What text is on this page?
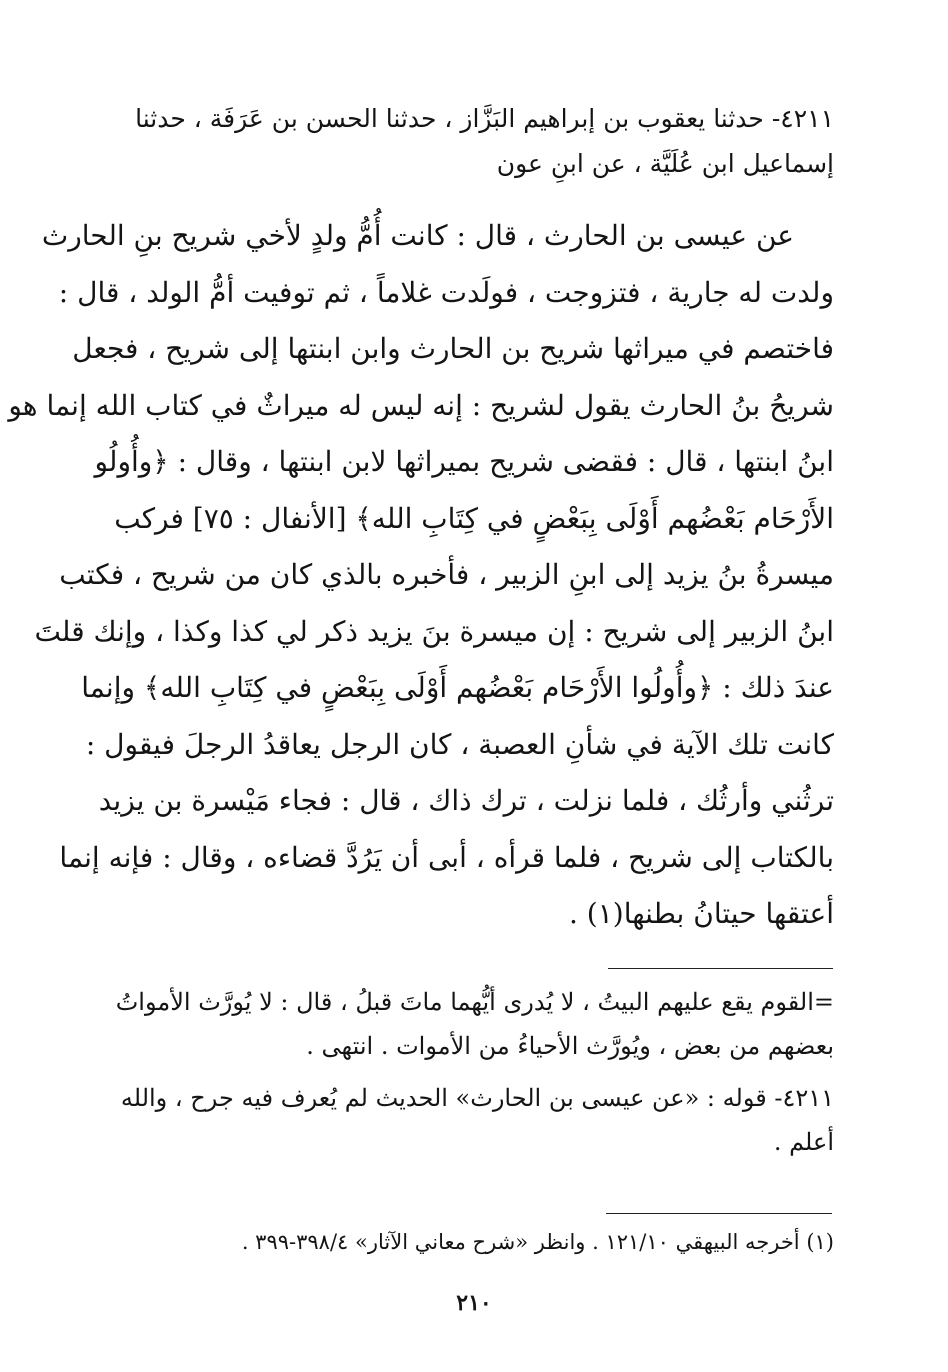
٤٢١١- حدثنا يعقوب بن إبراهيم البَزَّاز ، حدثنا الحسن بن عَرَفَة ، حدثنا
إسماعيل ابن عُلَيَّة ، عن ابنِ عون
عن عيسى بن الحارث ، قال : كانت أُمُّ ولدٍ لأخي شريح بنِ الحارث
ولدت له جارية ، فتزوجت ، فولَدت غلاماً ، ثم توفيت أمُّ الولد ، قال :
فاختصم في ميراثها شريح بن الحارث وابن ابنتها إلى شريح ، فجعل
شريحُ بنُ الحارث يقول لشريح : إنه ليس له ميراثٌ في كتاب الله إنما هو
ابنُ ابنتها ، قال : فقضى شريح بميراثها لابن ابنتها ، وقال : ﴿وأُولُو
الأَرْحَام بَعْضُهم أَوْلَى بِبَعْضٍ في كِتَابِ الله﴾ [الأنفال : ٧٥] فركب
ميسرةُ بنُ يزيد إلى ابنِ الزبير ، فأخبره بالذي كان من شريح ، فكتب
ابنُ الزبير إلى شريح : إن ميسرة بنَ يزيد ذكر لي كذا وكذا ، وإنك قلتَ
عندَ ذلك : ﴿وأُولُوا الأَرْحَام بَعْضُهم أَوْلَى بِبَعْضٍ في كِتَابِ الله﴾ وإنما
كانت تلك الآية في شأنِ العصبة ، كان الرجل يعاقدُ الرجلَ فيقول :
ترثُني وأرثُك ، فلما نزلت ، ترك ذاك ، قال : فجاء مَيْسرة بن يزيد
بالكتاب إلى شريح ، فلما قرأه ، أبى أن يَرُدَّ قضاءه ، وقال : فإنه إنما
أعتقها حيتانُ بطنها(١) .
=القوم يقع عليهم البيتُ ، لا يُدرى أيُّهما ماتَ قبلُ ، قال : لا يُورَّث الأمواتُ
بعضهم من بعض ، ويُورَّث الأحياءُ من الأموات . انتهى .
٤٢١١- قوله : «عن عيسى بن الحارث» الحديث لم يُعرف فيه جرح ، والله
أعلم .
(١) أخرجه البيهقي ١٢١/١٠ . وانظر «شرح معاني الآثار» ٣٩٨/٤-٣٩٩ .
٢١٠
